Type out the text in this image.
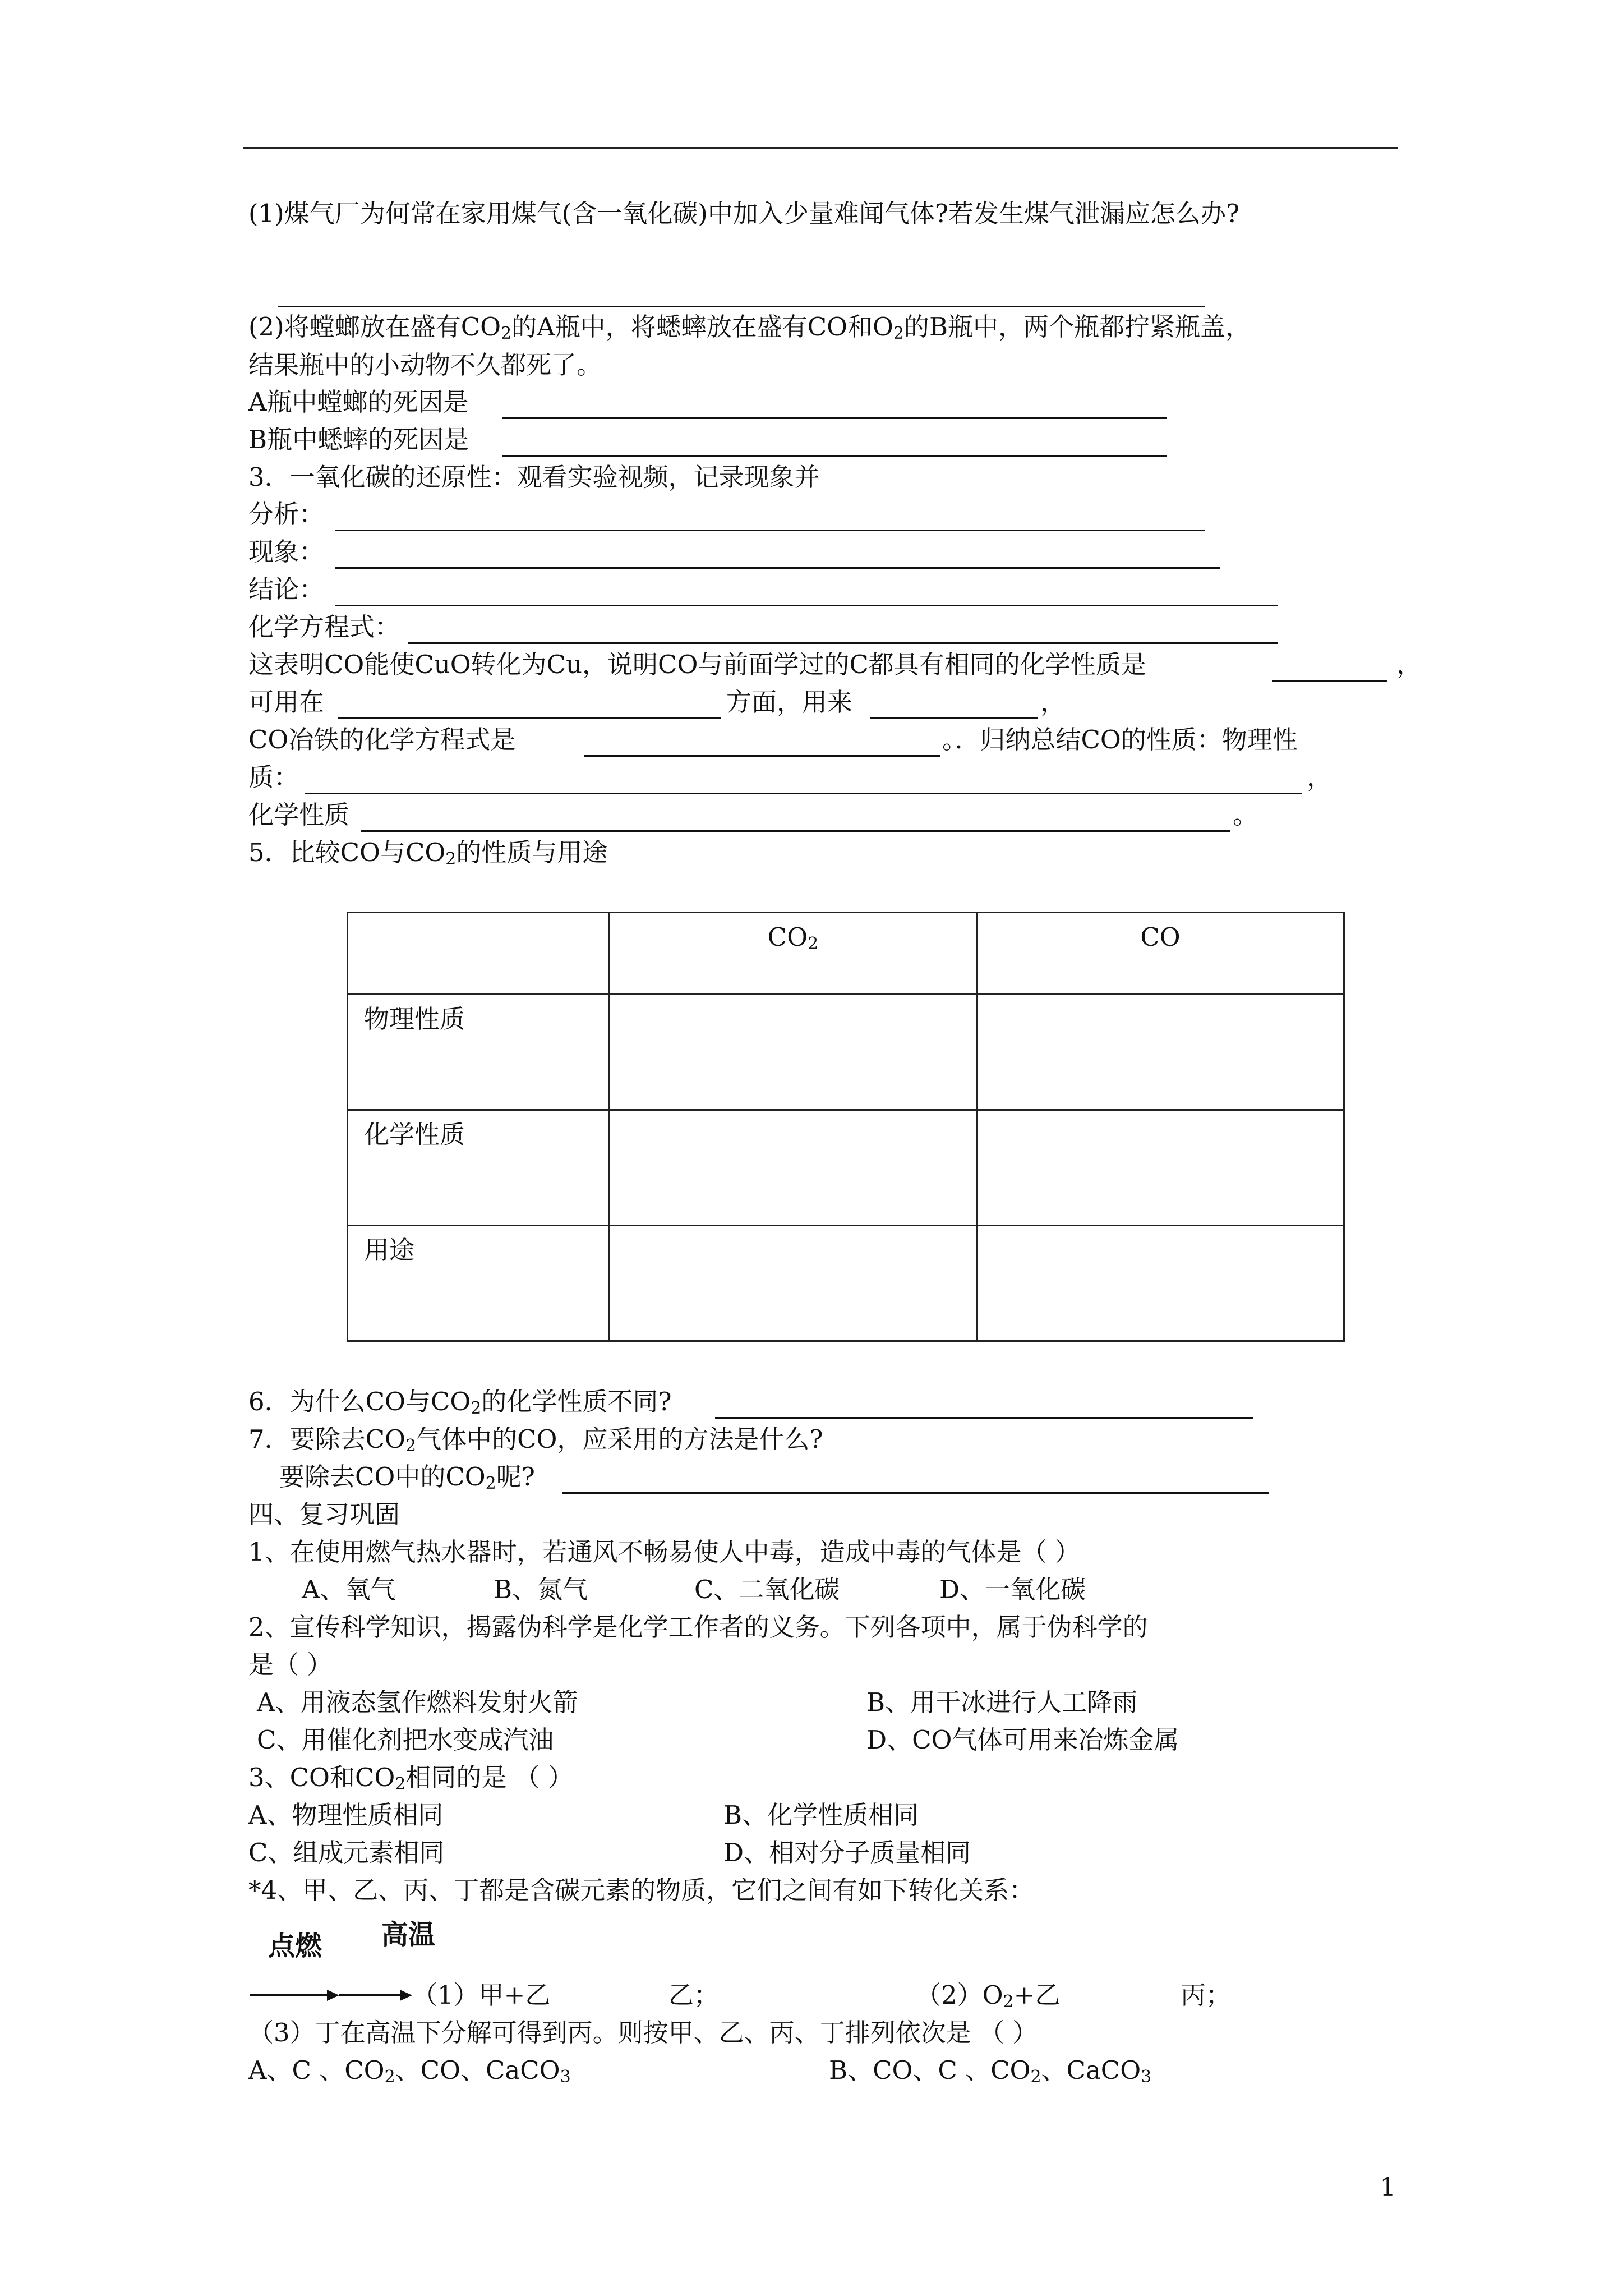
(1)煤气厂为何常在家用煤气(含一氧化碳)中加入少量难闻气体?若发生煤气泄漏应怎么办?
(2)将螳螂放在盛有$CO_2$的A瓶中，将蟋蟀放在盛有CO和$O_2$的B瓶中，两个瓶都拧紧瓶盖，
结果瓶中的小动物不久都死了。
A瓶中螳螂的死因是
B瓶中蟋蟀的死因是
3．一氧化碳的还原性：观看实验视频，记录现象并
分析：
现象：
结论：
化学方程式：
这表明CO能使CuO转化为Cu，说明CO与前面学过的C都具有相同的化学性质是	，
可用在	方面，用来	，
CO冶铁的化学方程式是	。．归纳总结CO的性质：物理性
质：	，
化学性质	。
5．比较CO与$CO_2$的性质与用途
	$CO_2$	CO
物理性质		
化学性质		
用途		
6．为什么CO与$CO_2$的化学性质不同?
7．要除去$CO_2$气体中的CO，应采用的方法是什么?
要除去CO中的$CO_2$呢?
四、复习巩固
1、在使用燃气热水器时，若通风不畅易使人中毒，造成中毒的气体是（ ）
A、氧气	B、氮气	C、二氧化碳	D、一氧化碳
2、宣传科学知识，揭露伪科学是化学工作者的义务。下列各项中，属于伪科学的
是（ ）
A、用液态氢作燃料发射火箭	B、用干冰进行人工降雨
C、用催化剂把水变成汽油	D、CO气体可用来冶炼金属
3、CO和$CO_2$相同的是 （ ）
A、物理性质相同	B、化学性质相同
C、组成元素相同	D、相对分子质量相同
*4、甲、乙、丙、丁都是含碳元素的物质，它们之间有如下转化关系：
点燃 高温
（1）甲+乙	乙；	$(2)O_2+$乙	丙；
（3）丁在高温下分解可得到丙。则按甲、乙、丙、丁排列依次是 （ ）
A、C 、$CO_2$、CO、CaCO$_3$	B、CO、C 、$CO_2$、CaCO$_3$
1
